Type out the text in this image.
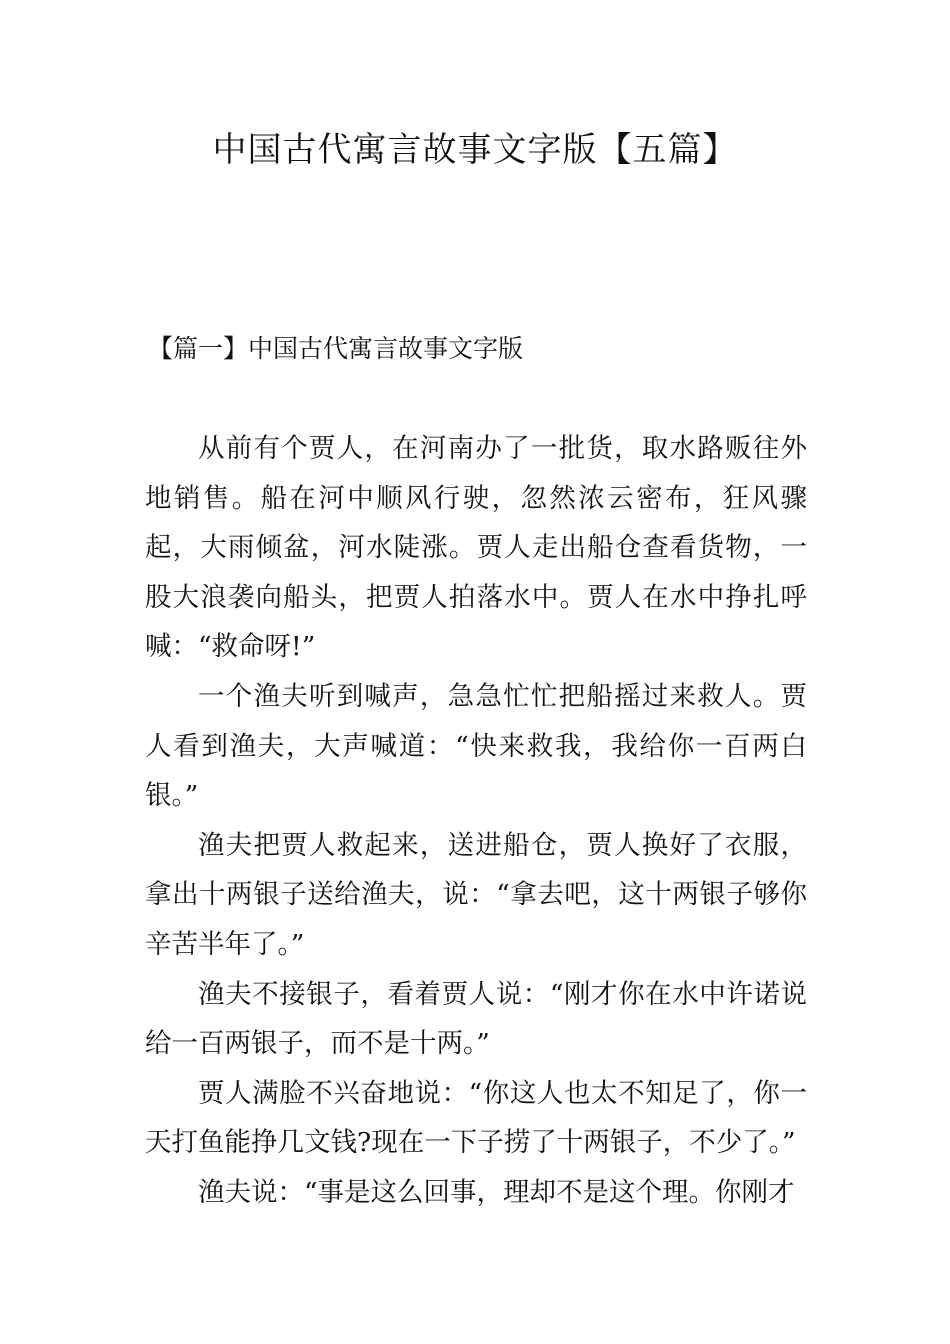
中国古代寓言故事文字版【五篇】
【篇一】中国古代寓言故事文字版

从前有个贾人，在河南办了一批货，取水路贩往外地销售。船在河中顺风行驶，忽然浓云密布，狂风骤起，大雨倾盆，河水陡涨。贾人走出船仓查看货物，一股大浪袭向船头，把贾人拍落水中。贾人在水中挣扎呼喊：“救命呀!”

一个渔夫听到喊声，急急忙忙把船摇过来救人。贾人看到渔夫，大声喊道：“快来救我，我给你一百两白银。”

渔夫把贾人救起来，送进船仓，贾人换好了衣服，拿出十两银子送给渔夫，说：“拿去吧，这十两银子够你辛苦半年了。”

渔夫不接银子，看着贾人说：“刚才你在水中许诺说给一百两银子，而不是十两。”

贾人满脸不兴奋地说：“你这人也太不知足了，你一天打鱼能挣几文钱?现在一下子捞了十两银子，不少了。”

渔夫说：“事是这么回事，理却不是这个理。你刚才
